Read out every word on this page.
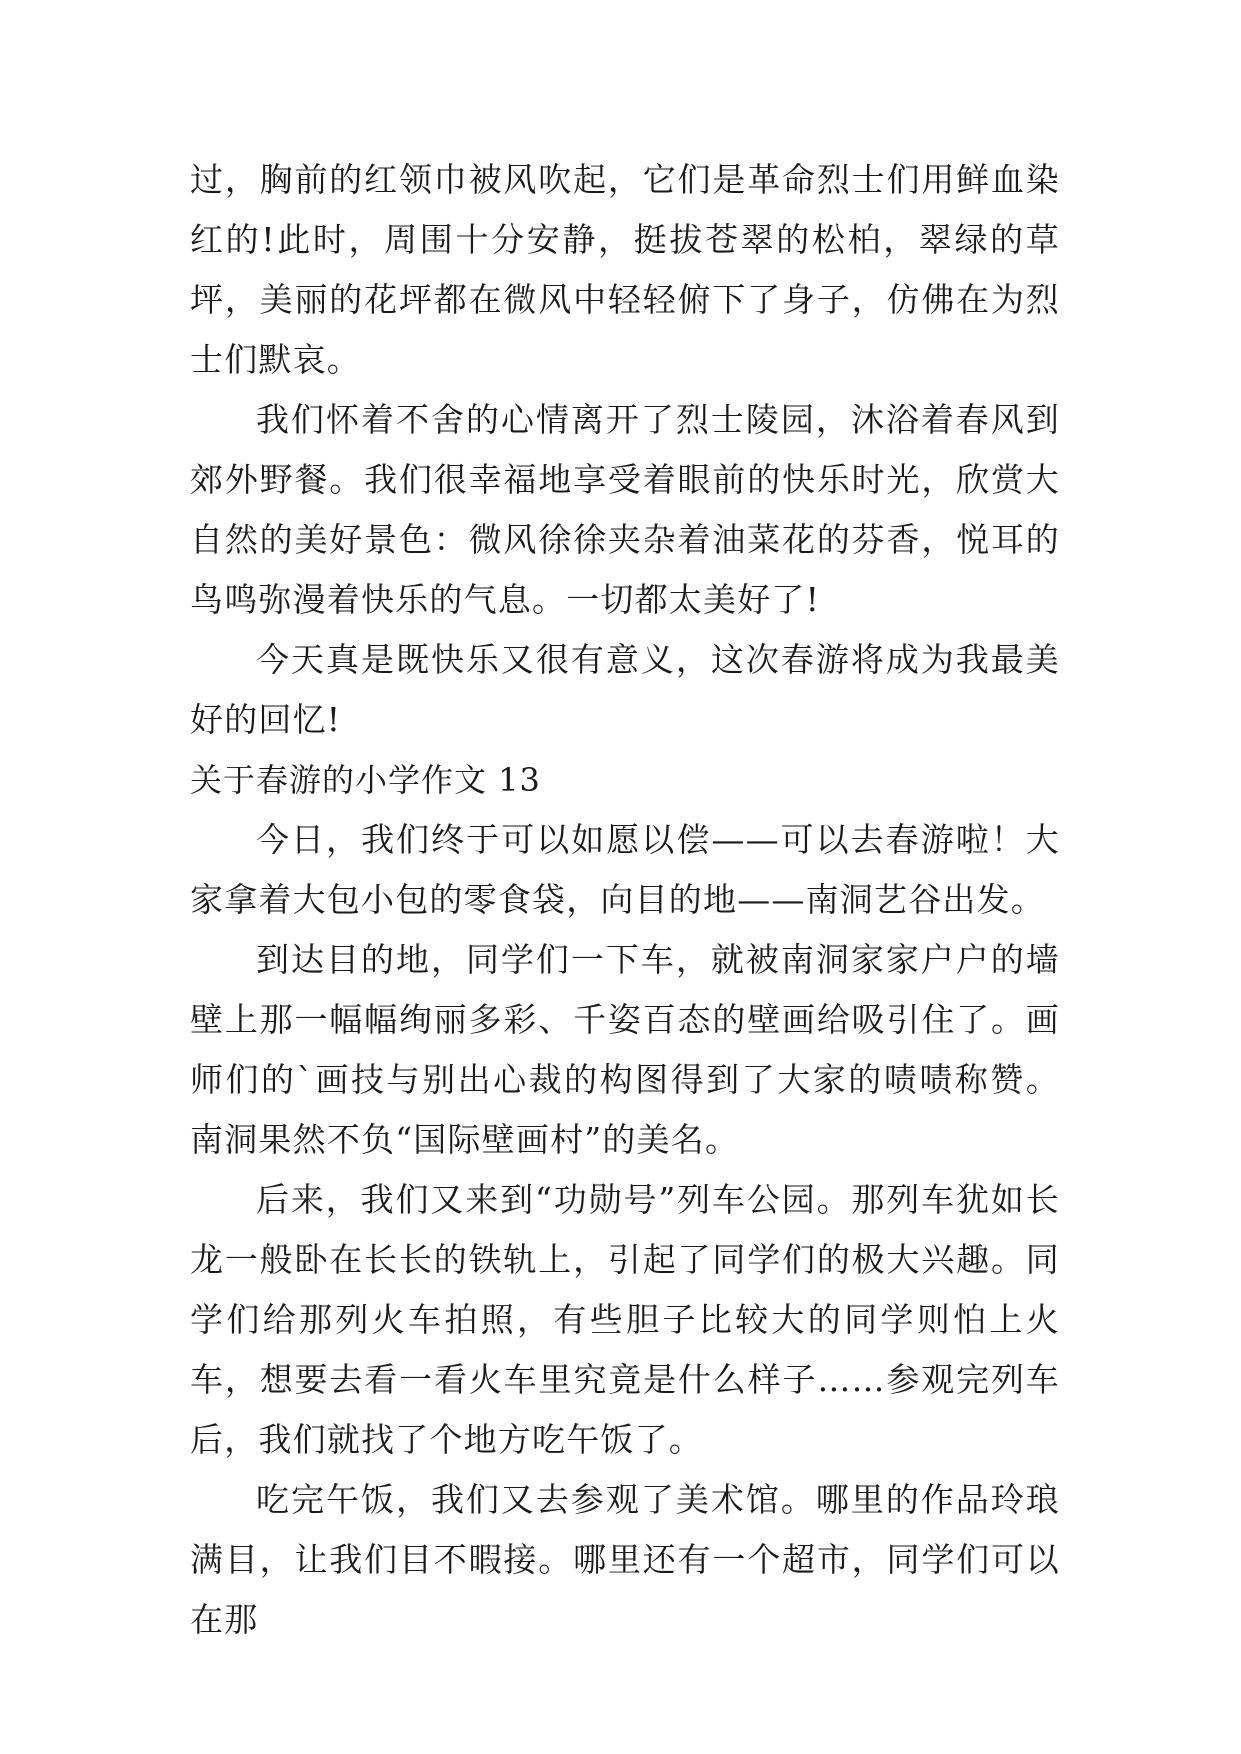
过，胸前的红领巾被风吹起，它们是革命烈士们用鲜血染红的!此时，周围十分安静，挺拔苍翠的松柏，翠绿的草坪，美丽的花坪都在微风中轻轻俯下了身子，仿佛在为烈士们默哀。

我们怀着不舍的心情离开了烈士陵园，沐浴着春风到郊外野餐。我们很幸福地享受着眼前的快乐时光，欣赏大自然的美好景色：微风徐徐夹杂着油菜花的芬香，悦耳的鸟鸣弥漫着快乐的气息。一切都太美好了!

今天真是既快乐又很有意义，这次春游将成为我最美好的回忆!

关于春游的小学作文 13

今日，我们终于可以如愿以偿——可以去春游啦！大家拿着大包小包的零食袋，向目的地——南洞艺谷出发。

到达目的地，同学们一下车，就被南洞家家户户的墙壁上那一幅幅绚丽多彩、千姿百态的壁画给吸引住了。画师们的`画技与别出心裁的构图得到了大家的啧啧称赞。南洞果然不负“国际壁画村”的美名。

后来，我们又来到“功勋号”列车公园。那列车犹如长龙一般卧在长长的铁轨上，引起了同学们的极大兴趣。同学们给那列火车拍照，有些胆子比较大的同学则怕上火车，想要去看一看火车里究竟是什么样子……参观完列车后，我们就找了个地方吃午饭了。

吃完午饭，我们又去参观了美术馆。哪里的作品玲琅满目，让我们目不暇接。哪里还有一个超市，同学们可以在那
